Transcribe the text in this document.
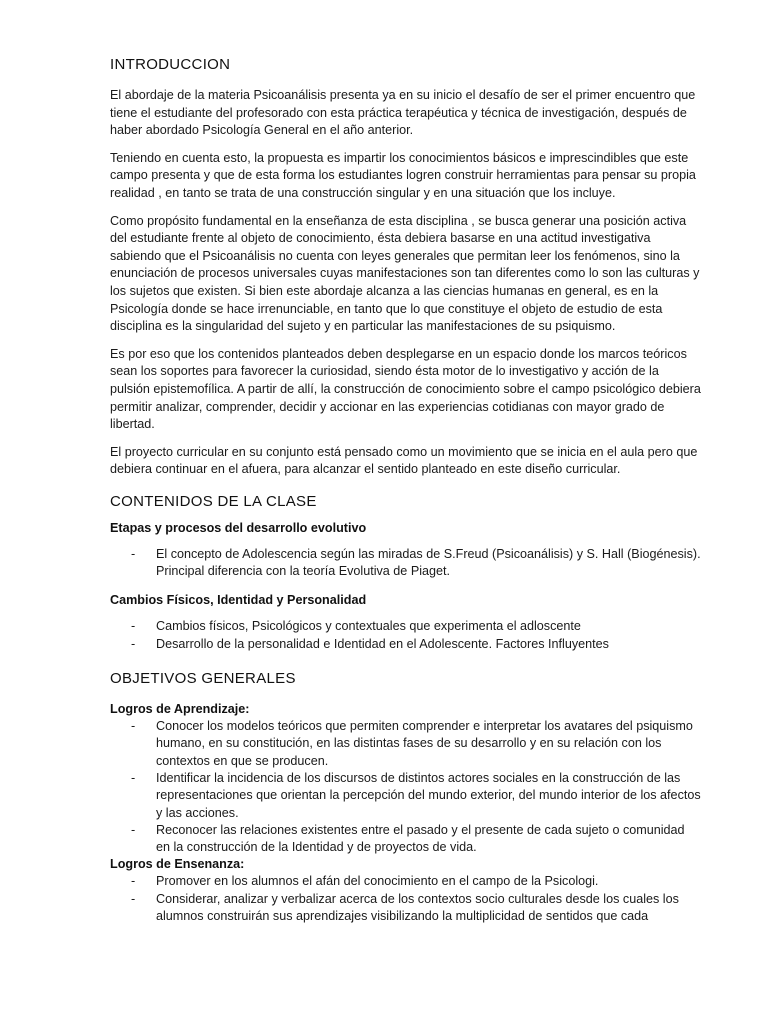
INTRODUCCION

El abordaje de la materia Psicoanálisis presenta ya en su inicio el desafío de ser el primer encuentro que tiene el estudiante del profesorado con esta práctica terapéutica y técnica de investigación, después de haber abordado Psicología General en el año anterior.

Teniendo en cuenta esto, la propuesta es impartir los conocimientos básicos e imprescindibles que este campo presenta y que de esta forma los estudiantes logren construir herramientas para pensar su propia realidad , en tanto se trata de una construcción singular y en una situación que los incluye.

Como propósito fundamental en la enseñanza de esta disciplina , se busca generar una posición activa del estudiante frente al objeto de conocimiento, ésta debiera basarse en una actitud investigativa sabiendo que el Psicoanálisis no cuenta con leyes generales que permitan leer los fenómenos, sino la enunciación de procesos universales cuyas manifestaciones son tan diferentes como lo son las culturas y los sujetos que existen. Si bien este abordaje alcanza a las ciencias humanas en general, es en la Psicología donde se hace irrenunciable, en tanto que lo que constituye el objeto de estudio de esta disciplina es la singularidad del sujeto y en particular las manifestaciones de su psiquismo.

Es por eso que los contenidos planteados deben desplegarse en un espacio donde los marcos teóricos sean los soportes para favorecer la curiosidad, siendo ésta motor de lo investigativo y acción de la pulsión epistemofílica. A partir de allí, la construcción de conocimiento sobre el campo psicológico debiera permitir analizar, comprender, decidir y accionar en las experiencias cotidianas con mayor grado de libertad.

El proyecto curricular en su conjunto está pensado como un movimiento que se inicia en el aula pero que debiera continuar en el afuera, para alcanzar el sentido planteado en este diseño curricular.

CONTENIDOS DE LA CLASE
Etapas y procesos del desarrollo evolutivo
- El concepto de Adolescencia según las miradas de S.Freud (Psicoanálisis) y S. Hall (Biogénesis). Principal diferencia con la teoría Evolutiva de Piaget.
Cambios Físicos, Identidad y Personalidad
- Cambios físicos, Psicológicos y contextuales que experimenta el adloscente
- Desarrollo de la personalidad e Identidad en el Adolescente. Factores Influyentes
OBJETIVOS GENERALES
Logros de Aprendizaje:
- Conocer los modelos teóricos que permiten comprender e interpretar los avatares del psiquismo humano, en su constitución, en las distintas fases de su desarrollo y en su relación con los contextos en que se producen.
- Identificar la incidencia de los discursos de distintos actores sociales en la construcción de las representaciones que orientan la percepción del mundo exterior, del mundo interior de los afectos y las acciones.
- Reconocer las relaciones existentes entre el pasado y el presente de cada sujeto o comunidad en la construcción de la Identidad y de proyectos de vida.
Logros de Ensenanza:
- Promover en los alumnos el afán del conocimiento en el campo de la Psicologi.
- Considerar, analizar y verbalizar acerca de los contextos socio culturales desde los cuales los alumnos construirán sus aprendizajes visibilizando la multiplicidad de sentidos que cada
